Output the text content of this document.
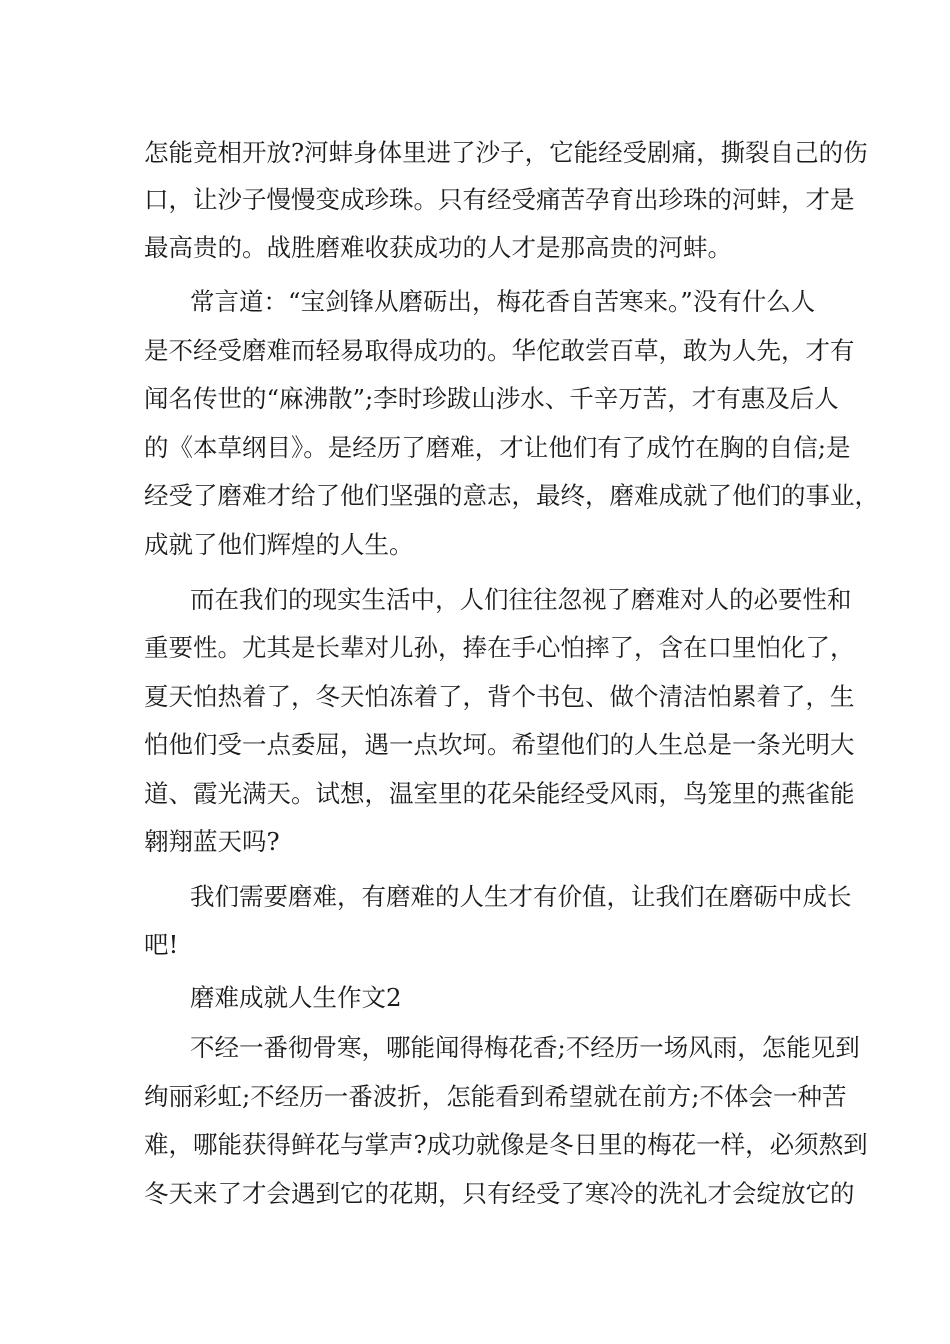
怎能竞相开放?河蚌身体里进了沙子，它能经受剧痛，撕裂自己的伤
口，让沙子慢慢变成珍珠。只有经受痛苦孕育出珍珠的河蚌，才是
最高贵的。战胜磨难收获成功的人才是那高贵的河蚌。
常言道：“宝剑锋从磨砺出，梅花香自苦寒来。”没有什么人
是不经受磨难而轻易取得成功的。华佗敢尝百草，敢为人先，才有
闻名传世的“麻沸散”;李时珍跋山涉水、千辛万苦，才有惠及后人
的《本草纲目》。是经历了磨难，才让他们有了成竹在胸的自信;是
经受了磨难才给了他们坚强的意志，最终，磨难成就了他们的事业，
成就了他们辉煌的人生。
而在我们的现实生活中，人们往往忽视了磨难对人的必要性和
重要性。尤其是长辈对儿孙，捧在手心怕摔了，含在口里怕化了，
夏天怕热着了，冬天怕冻着了，背个书包、做个清洁怕累着了，生
怕他们受一点委屈，遇一点坎坷。希望他们的人生总是一条光明大
道、霞光满天。试想，温室里的花朵能经受风雨，鸟笼里的燕雀能
翱翔蓝天吗?
我们需要磨难，有磨难的人生才有价值，让我们在磨砺中成长
吧!
磨难成就人生作文2
不经一番彻骨寒，哪能闻得梅花香;不经历一场风雨，怎能见到
绚丽彩虹;不经历一番波折，怎能看到希望就在前方;不体会一种苦
难，哪能获得鲜花与掌声?成功就像是冬日里的梅花一样，必须熬到
冬天来了才会遇到它的花期，只有经受了寒冷的洗礼才会绽放它的
